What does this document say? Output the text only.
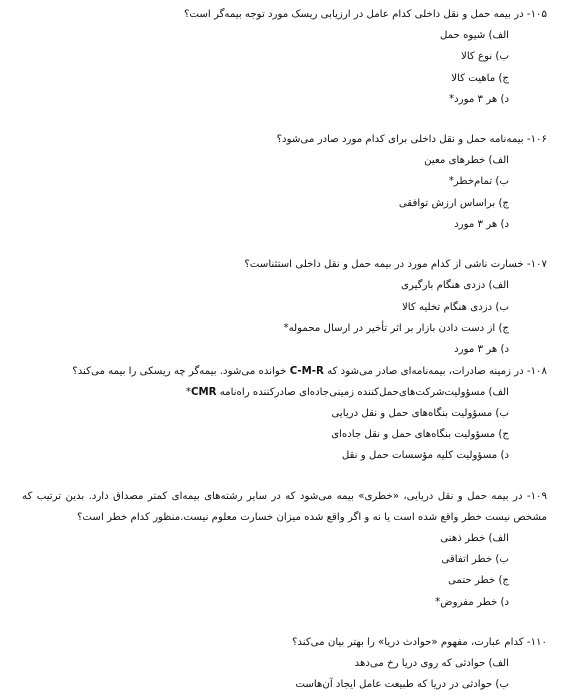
۱۰۵- در بیمه حمل و نقل داخلی کدام عامل در ارزیابی ریسک مورد توجه بیمه‌گر است؟
الف) شیوه حمل
ب) نوع کالا
ج) ماهیت کالا
د) هر ۳ مورد*
۱۰۶- بیمه‌نامه حمل و نقل داخلی برای کدام مورد صادر می‌شود؟
الف) خطرهای معین
ب) تمام‌خطر*
ج) براساس ارزش توافقی
د) هر ۳ مورد
۱۰۷- خسارت ناشی از کدام مورد در بیمه حمل و نقل داخلی استثناست؟
الف) دزدی هنگام بارگیری
ب) دزدی هنگام تخلیه کالا
ج) از دست دادن بازار بر اثر تأخیر در ارسال محموله*
د) هر ۳ مورد
۱۰۸- در زمینه صادرات، بیمه‌نامه‌ای صادر می‌شود که C-M-R خوانده می‌شود. بیمه‌گر چه ریسکی را بیمه می‌کند؟
الف) مسؤولیت‌شرکت‌های‌حمل‌کننده زمینی‌جاده‌ای صادرکننده راه‌نامه CMR*
ب) مسؤولیت بنگاه‌های حمل و نقل دریایی
ج) مسؤولیت بنگاه‌های حمل و نقل جاده‌ای
د) مسؤولیت کلیه مؤسسات حمل و نقل
۱۰۹- در بیمه حمل و نقل دریایی، «خطری» بیمه می‌شود که در سایر رشته‌های بیمه‌ای کمتر مصداق دارد. بدین ترتیب که مشخص نیست خطر واقع شده است یا نه و اگر واقع شده میزان خسارت معلوم نیست.منظور کدام خطر است؟
الف) خطر ذهنی
ب) خطر اتفاقی
ج) خطر حتمی
د) خطر مفروض*
۱۱۰- کدام عبارت، مفهوم «حوادث دریا» را بهتر بیان می‌کند؟
الف) حوادثی که روی دریا رخ می‌دهد
ب) حوادثی در دریا که طبیعت عامل ایجاد آن‌هاست
